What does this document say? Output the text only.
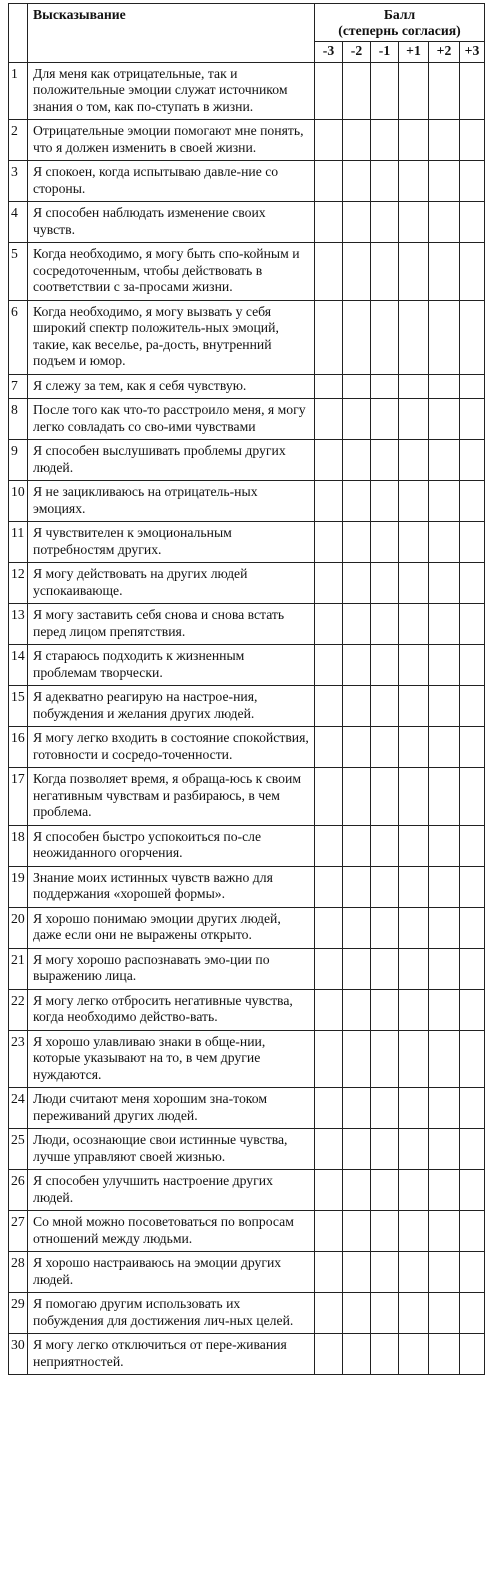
	Высказывание	Балл
(степернь согласия)					

		-3	-2	-1	+1	+2	+3
1	Для меня как отрицательные, так и положительные эмоции служат источником знания о том, как по-ступать в жизни.						
2	Отрицательные эмоции помогают мне понять, что я должен изменить в своей жизни.						
3	Я спокоен, когда испытываю давле-ние со стороны.						
4	Я способен наблюдать изменение своих чувств.						
5	Когда необходимо, я могу быть спо-койным и сосредоточенным, чтобы действовать в соответствии с за-просами жизни.						
6	Когда необходимо, я могу вызвать у себя широкий спектр положитель-ных эмоций, такие, как веселье, ра-дость, внутренний подъем и юмор.						
7	Я слежу за тем, как я себя чувствую.						
8	После того как что-то расстроило меня, я могу легко совладать со сво-ими чувствами						
9	Я способен выслушивать проблемы других людей.						
10	Я не зацикливаюсь на отрицатель-ных эмоциях.						
11	Я чувствителен к эмоциональным потребностям других.						
12	Я могу действовать на других людей успокаивающе.						
13	Я могу заставить себя снова и снова встать перед лицом препятствия.						
14	Я стараюсь подходить к жизненным проблемам творчески.						
15	Я адекватно реагирую на настрое-ния, побуждения и желания других людей.						
16	Я могу легко входить в состояние спокойствия, готовности и сосредо-точенности.						
17	Когда позволяет время, я обраща-юсь к своим негативным чувствам и разбираюсь, в чем проблема.						
18	Я способен быстро успокоиться по-сле неожиданного огорчения.						
19	Знание моих истинных чувств важно для поддержания «хорошей формы».						
20	Я хорошо понимаю эмоции других людей, даже если они не выражены открыто.						
21	Я могу хорошо распознавать эмо-ции по выражению лица.						
22	Я могу легко отбросить негативные чувства, когда необходимо действо-вать.						
23	Я хорошо улавливаю знаки в обще-нии, которые указывают на то, в чем другие нуждаются.						
24	Люди считают меня хорошим зна-током переживаний других людей.						
25	Люди, осознающие свои истинные чувства, лучше управляют своей жизнью.						
26	Я способен улучшить настроение других людей.						
27	Со мной можно посоветоваться по вопросам отношений между людьми.						
28	Я хорошо настраиваюсь на эмоции других людей.						
29	Я помогаю другим использовать их побуждения для достижения лич-ных целей.						
30	Я могу легко отключиться от пере-живания неприятностей.						
